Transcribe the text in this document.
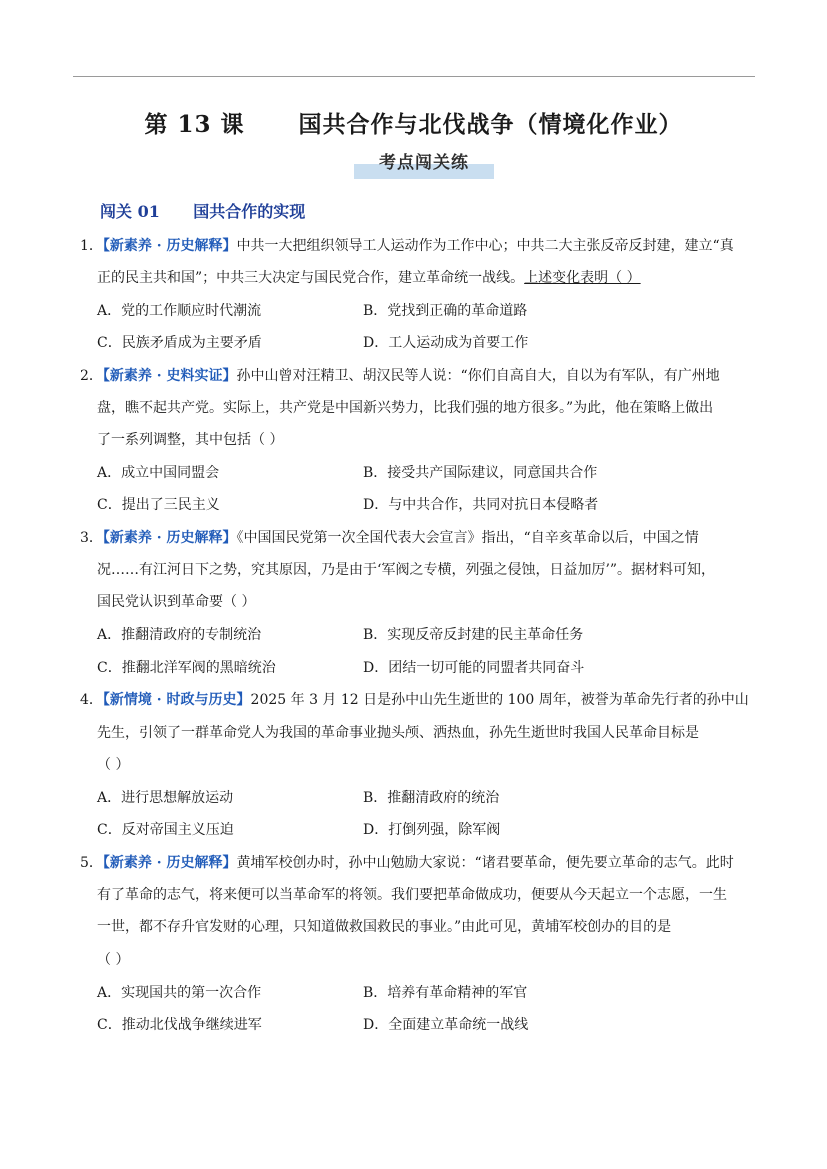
第 13 课      国共合作与北伐战争（情境化作业）
考点闯关练
闯关 01      国共合作的实现
1．【新素养 · 历史解释】中共一大把组织领导工人运动作为工作中心；中共二大主张反帝反封建，建立“真
正的民主共和国”；中共三大决定与国民党合作，建立革命统一战线。上述变化表明（ ）
A．党的工作顺应时代潮流	B．党找到正确的革命道路
C．民族矛盾成为主要矛盾	D．工人运动成为首要工作
2．【新素养 · 史料实证】孙中山曾对汪精卫、胡汉民等人说：“你们自高自大，自以为有军队，有广州地
盘，瞧不起共产党。实际上，共产党是中国新兴势力，比我们强的地方很多。”为此，他在策略上做出
了一系列调整，其中包括（ ）
A．成立中国同盟会	B．接受共产国际建议，同意国共合作
C．提出了三民主义	D．与中共合作，共同对抗日本侵略者
3．【新素养 · 历史解释】《中国国民党第一次全国代表大会宣言》指出，“自辛亥革命以后，中国之情
况……有江河日下之势，究其原因，乃是由于‘军阀之专横，列强之侵蚀，日益加厉’”。据材料可知，
国民党认识到革命要（ ）
A．推翻清政府的专制统治	B．实现反帝反封建的民主革命任务
C．推翻北洋军阀的黑暗统治	D．团结一切可能的同盟者共同奋斗
4．【新情境 · 时政与历史】2025 年 3 月 12 日是孙中山先生逝世的 100 周年，被誉为革命先行者的孙中山
先生，引领了一群革命党人为我国的革命事业抛头颅、洒热血，孙先生逝世时我国人民革命目标是
（ ）
A．进行思想解放运动	B．推翻清政府的统治
C．反对帝国主义压迫	D．打倒列强，除军阀
5．【新素养 · 历史解释】黄埔军校创办时，孙中山勉励大家说：“诸君要革命，便先要立革命的志气。此时
有了革命的志气，将来便可以当革命军的将领。我们要把革命做成功，便要从今天起立一个志愿，一生
一世，都不存升官发财的心理，只知道做救国救民的事业。”由此可见，黄埔军校创办的目的是
（ ）
A．实现国共的第一次合作	B．培养有革命精神的军官
C．推动北伐战争继续进军	D．全面建立革命统一战线
